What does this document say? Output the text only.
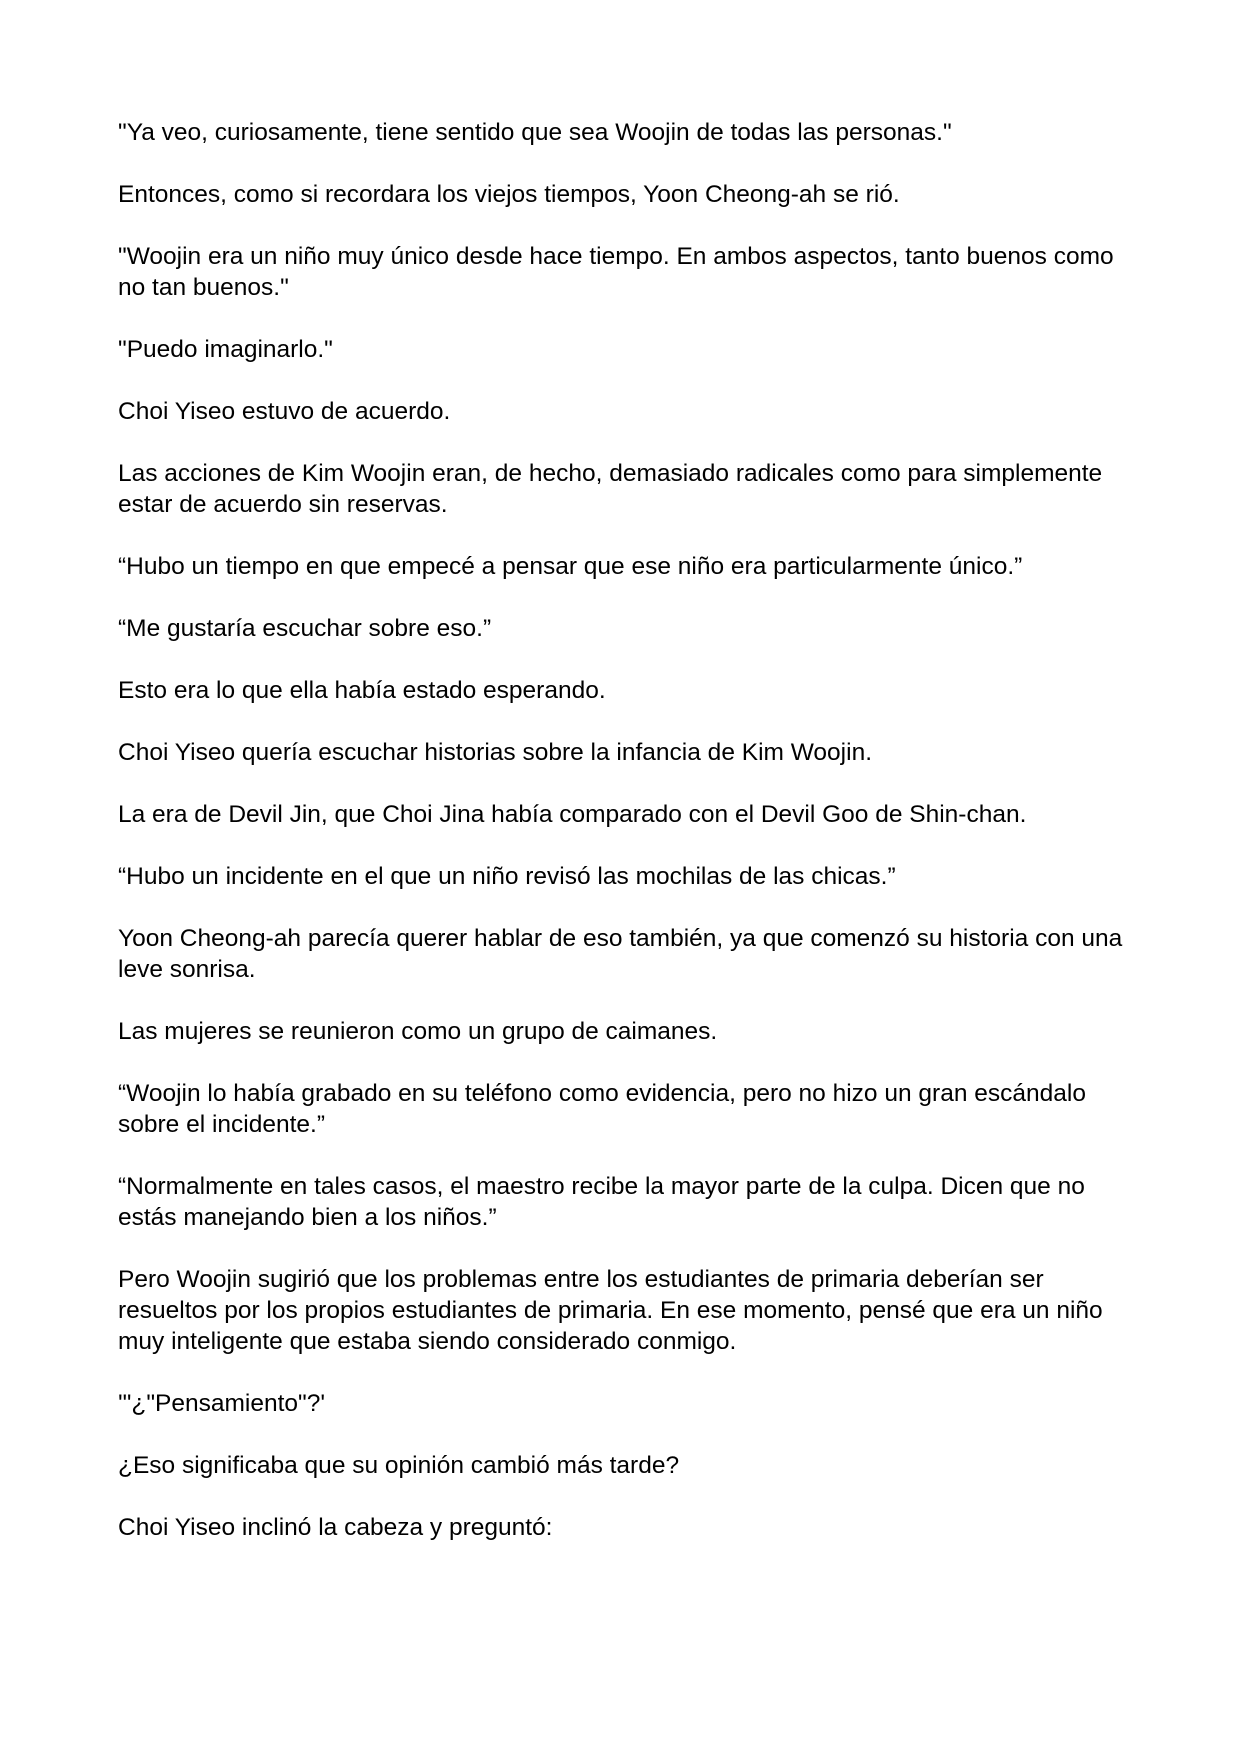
"Ya veo, curiosamente, tiene sentido que sea Woojin de todas las personas."

Entonces, como si recordara los viejos tiempos, Yoon Cheong-ah se rió.

"Woojin era un niño muy único desde hace tiempo. En ambos aspectos, tanto buenos como no tan buenos."

"Puedo imaginarlo."

Choi Yiseo estuvo de acuerdo.

Las acciones de Kim Woojin eran, de hecho, demasiado radicales como para simplemente estar de acuerdo sin reservas.

“Hubo un tiempo en que empecé a pensar que ese niño era particularmente único.”

“Me gustaría escuchar sobre eso.”

Esto era lo que ella había estado esperando.

Choi Yiseo quería escuchar historias sobre la infancia de Kim Woojin.

La era de Devil Jin, que Choi Jina había comparado con el Devil Goo de Shin-chan.

“Hubo un incidente en el que un niño revisó las mochilas de las chicas.”

Yoon Cheong-ah parecía querer hablar de eso también, ya que comenzó su historia con una leve sonrisa.

Las mujeres se reunieron como un grupo de caimanes.

“Woojin lo había grabado en su teléfono como evidencia, pero no hizo un gran escándalo sobre el incidente.”

“Normalmente en tales casos, el maestro recibe la mayor parte de la culpa. Dicen que no estás manejando bien a los niños.”

Pero Woojin sugirió que los problemas entre los estudiantes de primaria deberían ser resueltos por los propios estudiantes de primaria. En ese momento, pensé que era un niño muy inteligente que estaba siendo considerado conmigo.

'"¿"Pensamiento"?'

¿Eso significaba que su opinión cambió más tarde?

Choi Yiseo inclinó la cabeza y preguntó:
